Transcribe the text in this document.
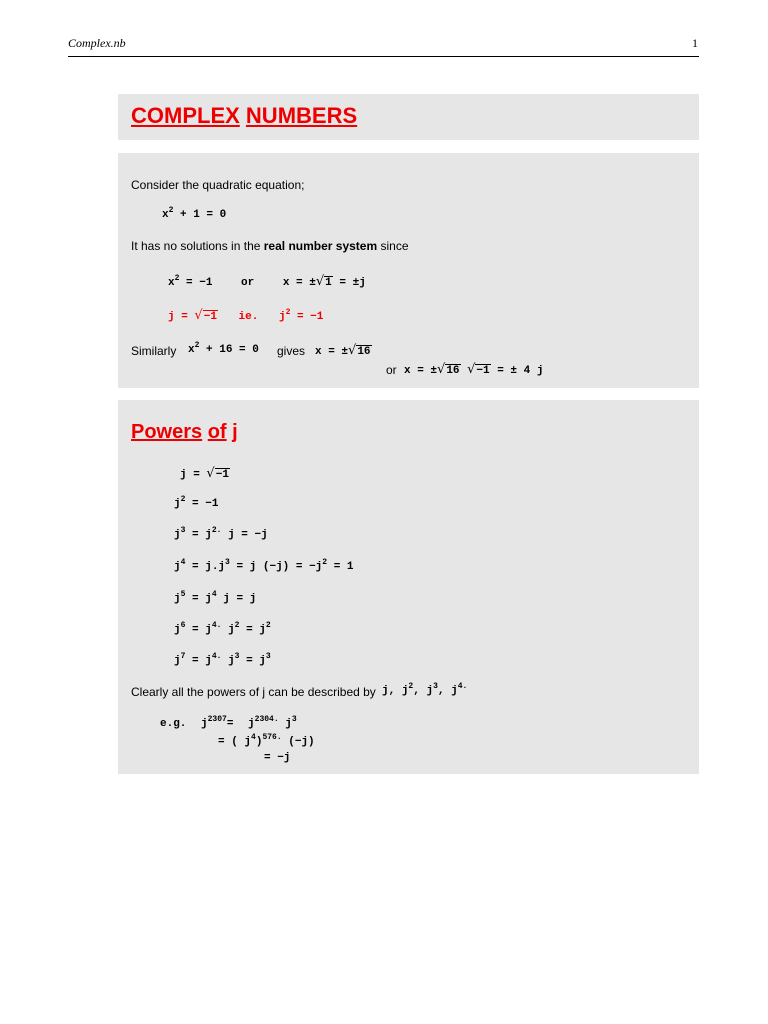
Complex.nb	1
COMPLEX NUMBERS
Consider the quadratic equation;
$x^2 + 1 = 0$
It has no solutions in the real number system since
$x^2 = -1$	or	x = ±√1 = ±j
j = √−1 ie. $j^2 = -1$
Similarly $x^2 + 16 = 0$ gives x = ±√16
or x = ±√16 √−1 = ± 4 j
Powers of j
j = √−1
$j^2 = -1$
$j^3 = j^{2.}$ j = −j
$j^4 = j.j^3 = j$ $(-j) = -j^2 = 1$
$j^5 = j^4$ j = j
$j^6 = j^{4.}$ $j^2 = j^2$
$j^7 = j^{4.}$ $j^3 = j^3$
Clearly all the powers of j can be described by j, $j^2$, $j^3$, $j^{4.}$
e.g. $j^{2307}= j^{2304.}$ $j^3$
= ( $j^4)^{576.}$ (−j)
= −j
